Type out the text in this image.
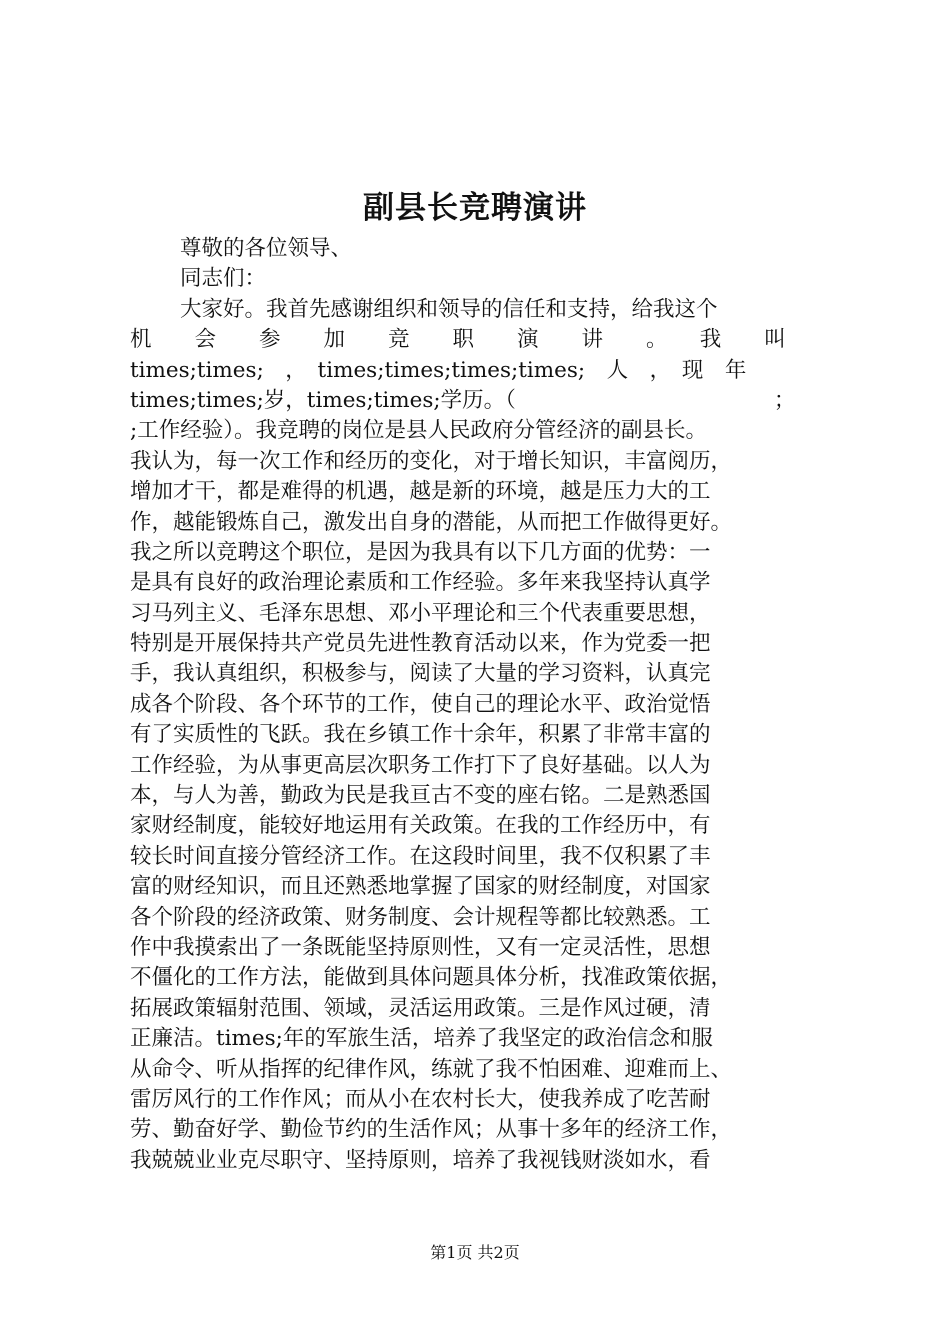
副县长竞聘演讲
尊敬的各位领导、
同志们：
大家好。我首先感谢组织和领导的信任和支持，给我这个
机　　会　　参　　加　　竞　　职　　演　　讲　　。　　我　　叫
times;times;　，　times;times;times;times;　人　，　现　年
times;times;岁，times;times;学历。（　　　　　　　　　　　　；
;工作经验）。我竞聘的岗位是县人民政府分管经济的副县长。
我认为，每一次工作和经历的变化，对于增长知识，丰富阅历，
增加才干，都是难得的机遇，越是新的环境，越是压力大的工
作，越能锻炼自己，激发出自身的潜能，从而把工作做得更好。
我之所以竞聘这个职位，是因为我具有以下几方面的优势：一
是具有良好的政治理论素质和工作经验。多年来我坚持认真学
习马列主义、毛泽东思想、邓小平理论和三个代表重要思想，
特别是开展保持共产党员先进性教育活动以来，作为党委一把
手，我认真组织，积极参与，阅读了大量的学习资料，认真完
成各个阶段、各个环节的工作，使自己的理论水平、政治觉悟
有了实质性的飞跃。我在乡镇工作十余年，积累了非常丰富的
工作经验，为从事更高层次职务工作打下了良好基础。以人为
本，与人为善，勤政为民是我亘古不变的座右铭。二是熟悉国
家财经制度，能较好地运用有关政策。在我的工作经历中，有
较长时间直接分管经济工作。在这段时间里，我不仅积累了丰
富的财经知识，而且还熟悉地掌握了国家的财经制度，对国家
各个阶段的经济政策、财务制度、会计规程等都比较熟悉。工
作中我摸索出了一条既能坚持原则性，又有一定灵活性，思想
不僵化的工作方法，能做到具体问题具体分析，找准政策依据，
拓展政策辐射范围、领域，灵活运用政策。三是作风过硬，清
正廉洁。times;年的军旅生活，培养了我坚定的政治信念和服
从命令、听从指挥的纪律作风，练就了我不怕困难、迎难而上、
雷厉风行的工作作风；而从小在农村长大，使我养成了吃苦耐
劳、勤奋好学、勤俭节约的生活作风；从事十多年的经济工作，
我兢兢业业克尽职守、坚持原则，培养了我视钱财淡如水，看
第1页 共2页
